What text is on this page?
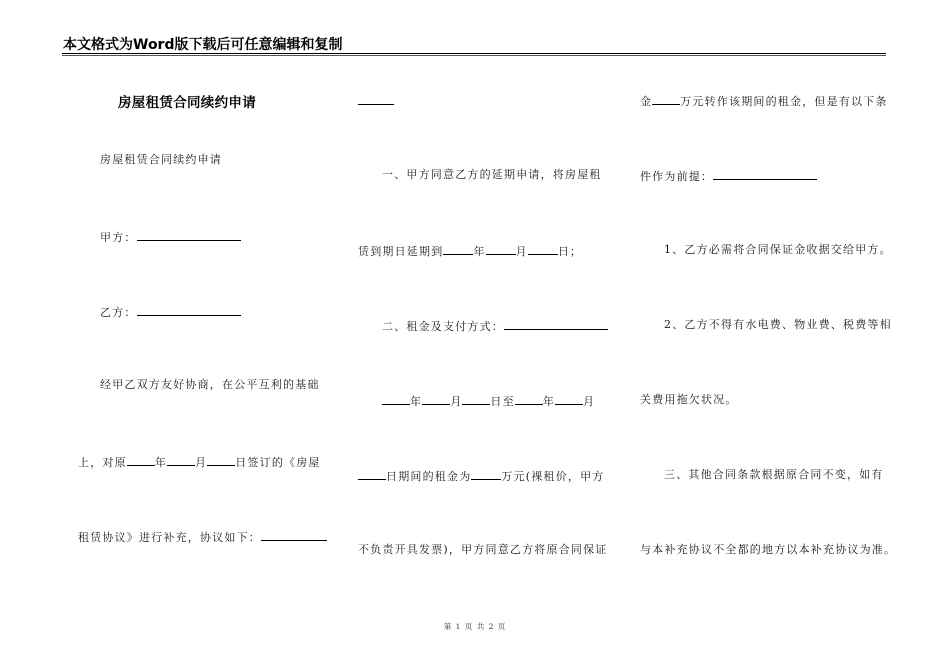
本文格式为Word版下载后可任意编辑和复制
房屋租赁合同续约申请
房屋租赁合同续约申请
甲方：
乙方：
经甲乙双方友好协商，在公平互利的基础
上，对原	年	月	日签订的《房屋
租赁协议》进行补充，协议如下：
一、甲方同意乙方的延期申请，将房屋租
赁到期日延期到	年	月	日；
二、租金及支付方式：
年	月	日至	年	月
日期间的租金为	万元(裸租价，甲方
不负责开具发票)，甲方同意乙方将原合同保证
金	万元转作该期间的租金，但是有以下条
件作为前提：
1、乙方必需将合同保证金收据交给甲方。
2、乙方不得有水电费、物业费、税费等相
关费用拖欠状况。
三、其他合同条款根据原合同不变，如有
与本补充协议不全都的地方以本补充协议为准。
第 1 页 共 2 页
